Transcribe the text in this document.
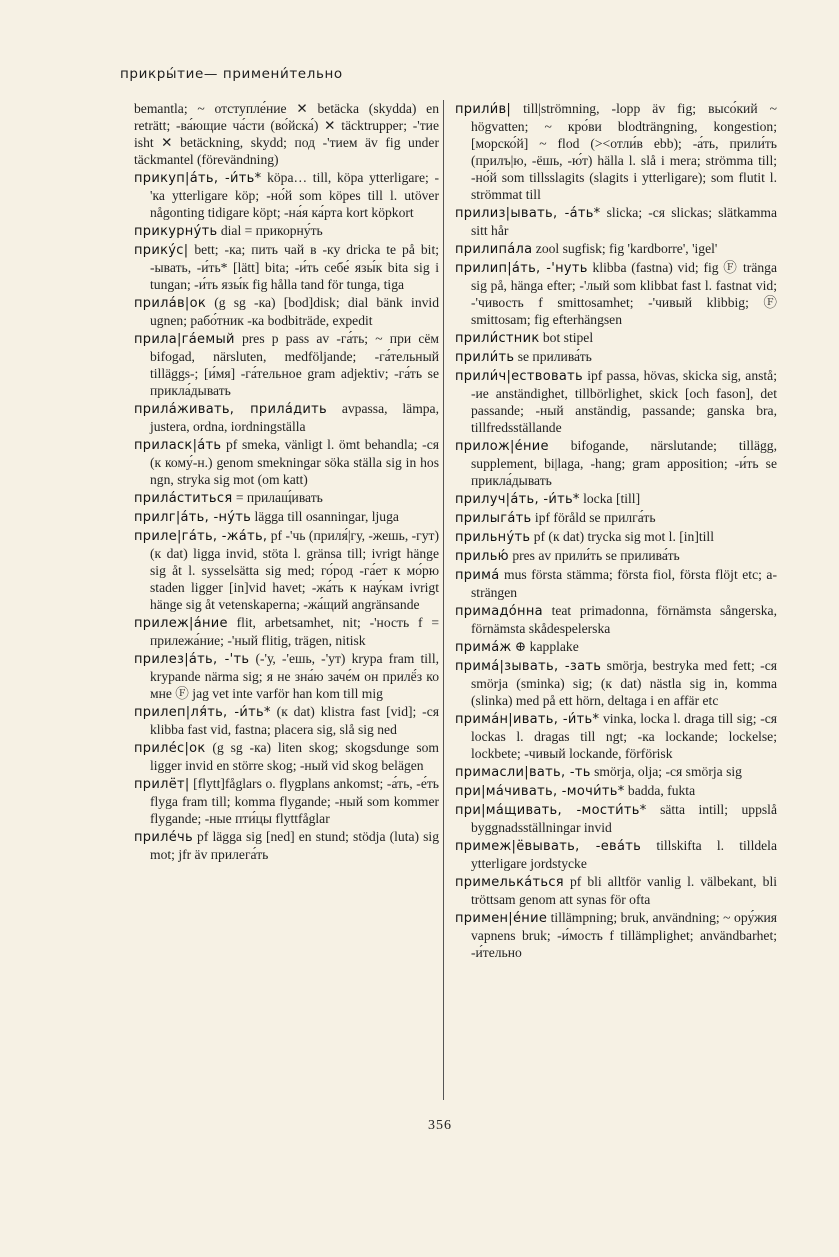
прикры́тие— примени́тельно

bemantla; ~ отступле́ние ✕ betäcka (skydda) en reträtt; -ва́ющие ча́сти (во́йска́) ✕ täcktrupper; -'тие isht ✕ betäckning, skydd; под -'тием äv fig under täckmantel (förevändning)

прикуп|а́ть, -и́ть* köpa… till, köpa ytterligare; -'ка ytterligare köp; -но́й som köpes till l. utöver någonting tidigare köpt; -на́я ка́рта kort köpkort

прикурну́ть dial = прикорну́ть

прику́с| bett; -ка; пить чай в -ку dricka te på bit; -ывать, -и́ть* [lätt] bita; -и́ть себе́ язы́к bita sig i tungan; -и́ть язы́к fig hålla tand för tunga, tiga

прила́в|ок (g sg -ка) [bod]disk; dial bänk invid ugnen; рабо́тник -ка bodbiträde, expedit

прила|га́емый pres p pass av -га́ть; ~ при сём bifogad, närsluten, medföljande; -га́тельный tilläggs-; [и́мя] -га́тельное gram adjektiv; -га́ть se прикла́дывать

прила́живать, прила́дить avpassa, lämpa, justera, ordna, iordningställa

приласк|а́ть pf smeka, vänligt l. ömt behandla; -ся (к кому́-н.) genom smekningar söka ställa sig in hos ngn, stryka sig mot (om katt)

прила́ститься = прилащ́ивать

прилг|а́ть, -ну́ть lägga till osanningar, ljuga

приле|га́ть, -жа́ть, pf -'чь (приля́|гу, -жешь, -гут) (к dat) ligga invid, stöta l. gränsa till; ivrigt hänge sig åt l. sysselsätta sig med; го́род -га́ет к мо́рю staden ligger [in]vid havet; -жа́ть к нау́кам ivrigt hänge sig åt vetenskaperna; -жа́щий angränsande

прилеж|а́ние flit, arbetsamhet, nit; -'ность f = прилежа́ние; -'ный flitig, trägen, nitisk

прилез|а́ть, -'ть (-'у, -'ешь, -'ут) krypa fram till, krypande närma sig; я не зна́ю заче́м он прилё́з ко мне Ⓕ jag vet inte varför han kom till mig

прилеп|ля́ть, -и́ть* (к dat) klistra fast [vid]; -ся klibba fast vid, fastna; placera sig, slå sig ned

приле́с|ок (g sg -ка) liten skog; skogsdunge som ligger invid en större skog; -ный vid skog belägen

прилёт| [flytt]fåglars o. flygplans ankomst; -а́ть, -е́ть flyga fram till; komma flygande; -ный som kommer flygande; -ные пти́цы flyttfåglar

приле́чь pf lägga sig [ned] en stund; stödja (luta) sig mot; jfr äv прилега́ть

прили́в| till|strömning, -lopp äv fig; высо́кий ~ högvatten; ~ кро́ви blodträngning, kongestion; [морско́й] ~ flod (><отли́в ebb); -а́ть, прили́ть (прилъ|ю, -ёшь, -ю́т) hälla l. slå i mera; strömma till; -но́й som tillsslagits (slagits i ytterligare); som flutit l. strömmat till

прилиз|ывать, -а́ть* slicka; -ся slickas; slätkamma sitt hår

прилипа́ла zool sugfisk; fig 'kardborre', 'igel'

прилип|а́ть, -'нуть klibba (fastna) vid; fig Ⓕ tränga sig på, hänga efter; -'лый som klibbat fast l. fastnat vid; -'чивость f smittosamhet; -'чивый klibbig; Ⓕ smittosam; fig efterhängsen

прили́стник bot stipel

прили́ть se прилива́ть

прили́ч|ествовать ipf passa, hövas, skicka sig, anstå; -ие anständighet, tillbörlighet, skick [och fason], det passande; -ный anständig, passande; ganska bra, tillfredsställande

прилож|е́ние bifogande, närslutande; tillägg, supplement, bi|laga, -hang; gram apposition; -и́ть se прикла́дывать

прилуч|а́ть, -и́ть* locka [till]

прилыга́ть ipf föråld se прилга́ть

прильну́ть pf (к dat) trycka sig mot l. [in]till

прилью́ pres av прили́ть se прилива́ть

прима́ mus första stämma; första fiol, första flöjt etc; a-strängen

примадо́нна teat primadonna, förnämsta sångerska, förnämsta skådespelerska

прима́ж ⊕ kapplake

прима́|зывать, -зать smörja, bestryka med fett; -ся smörja (sminka) sig; (к dat) nästla sig in, komma (slinka) med på ett hörn, deltaga i en affär etc

прима́н|ивать, -и́ть* vinka, locka l. draga till sig; -ся lockas l. dragas till ngt; -ка lockande; lockelse; lockbete; -чивый lockande, förförisk

примасли|вать, -ть smörja, olja; -ся smörja sig

при|ма́чивать, -мочи́ть* badda, fukta

при|ма́щивать, -мости́ть* sätta intill; uppslå byggnadsställningar invid

примеж|ёвывать, -ева́ть tillskifta l. tilldela ytterligare jordstycke

примелька́ться pf bli alltför vanlig l. välbekant, bli tröttsam genom att synas för ofta

примен|е́ние tillämpning; bruk, användning; ~ ору́жия vapnens bruk; -и́мость f tillämplighet; användbarhet; -и́тельно

356
